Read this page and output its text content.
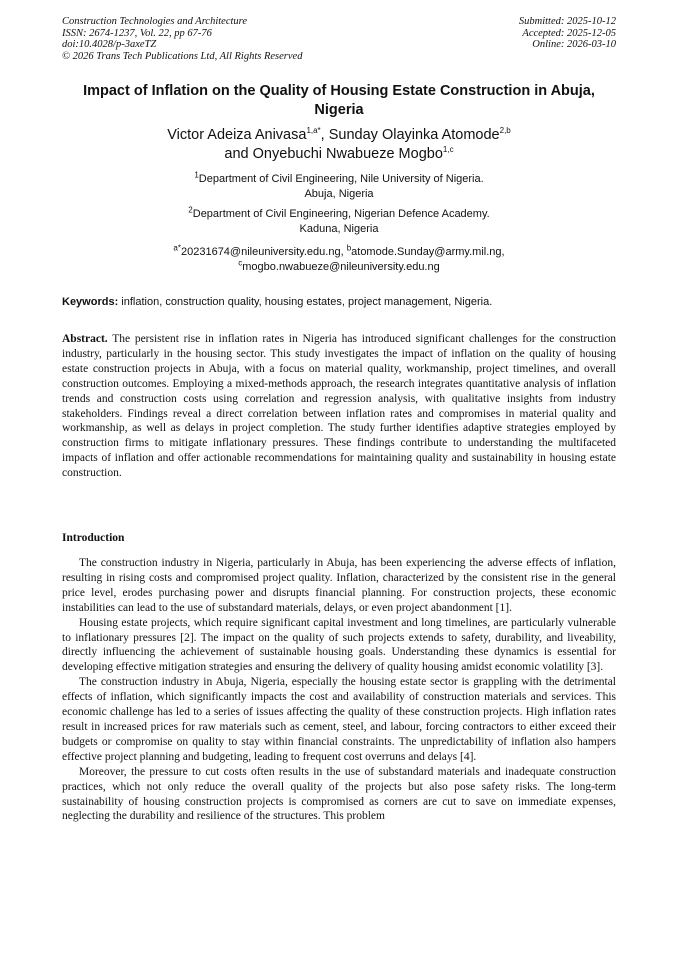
Construction Technologies and Architecture
ISSN: 2674-1237, Vol. 22, pp 67-76
doi:10.4028/p-3axeTZ
© 2026 Trans Tech Publications Ltd, All Rights Reserved
Submitted: 2025-10-12
Accepted: 2025-12-05
Online: 2026-03-10
Impact of Inflation on the Quality of Housing Estate Construction in Abuja, Nigeria
Victor Adeiza Anivasa$^{1,a*}$, Sunday Olayinka Atomode$^{2,b}$
and Onyebuchi Nwabueze Mogbo$^{1,c}$
$^1$Department of Civil Engineering, Nile University of Nigeria.
Abuja, Nigeria
$^2$Department of Civil Engineering, Nigerian Defence Academy.
Kaduna, Nigeria
$^{a*}$20231674@nileuniversity.edu.ng, $^b$atomode.Sunday@army.mil.ng,
$^c$mogbo.nwabueze@nileuniversity.edu.ng
Keywords: inflation, construction quality, housing estates, project management, Nigeria.

Abstract. The persistent rise in inflation rates in Nigeria has introduced significant challenges for the construction industry, particularly in the housing sector. This study investigates the impact of inflation on the quality of housing estate construction projects in Abuja, with a focus on material quality, workmanship, project timelines, and overall construction outcomes. Employing a mixed-methods approach, the research integrates quantitative analysis of inflation trends and construction costs using correlation and regression analysis, with qualitative insights from industry stakeholders. Findings reveal a direct correlation between inflation rates and compromises in material quality and workmanship, as well as delays in project completion. The study further identifies adaptive strategies employed by construction firms to mitigate inflationary pressures. These findings contribute to understanding the multifaceted impacts of inflation and offer actionable recommendations for maintaining quality and sustainability in housing estate construction.

Introduction

The construction industry in Nigeria, particularly in Abuja, has been experiencing the adverse effects of inflation, resulting in rising costs and compromised project quality. Inflation, characterized by the consistent rise in the general price level, erodes purchasing power and disrupts financial planning. For construction projects, these economic instabilities can lead to the use of substandard materials, delays, or even project abandonment [1].

Housing estate projects, which require significant capital investment and long timelines, are particularly vulnerable to inflationary pressures [2]. The impact on the quality of such projects extends to safety, durability, and liveability, directly influencing the achievement of sustainable housing goals. Understanding these dynamics is essential for developing effective mitigation strategies and ensuring the delivery of quality housing amidst economic volatility [3].

The construction industry in Abuja, Nigeria, especially the housing estate sector is grappling with the detrimental effects of inflation, which significantly impacts the cost and availability of construction materials and services. This economic challenge has led to a series of issues affecting the quality of these construction projects. High inflation rates result in increased prices for raw materials such as cement, steel, and labour, forcing contractors to either exceed their budgets or compromise on quality to stay within financial constraints. The unpredictability of inflation also hampers effective project planning and budgeting, leading to frequent cost overruns and delays [4].

Moreover, the pressure to cut costs often results in the use of substandard materials and inadequate construction practices, which not only reduce the overall quality of the projects but also pose safety risks. The long-term sustainability of housing construction projects is compromised as corners are cut to save on immediate expenses, neglecting the durability and resilience of the structures. This problem
